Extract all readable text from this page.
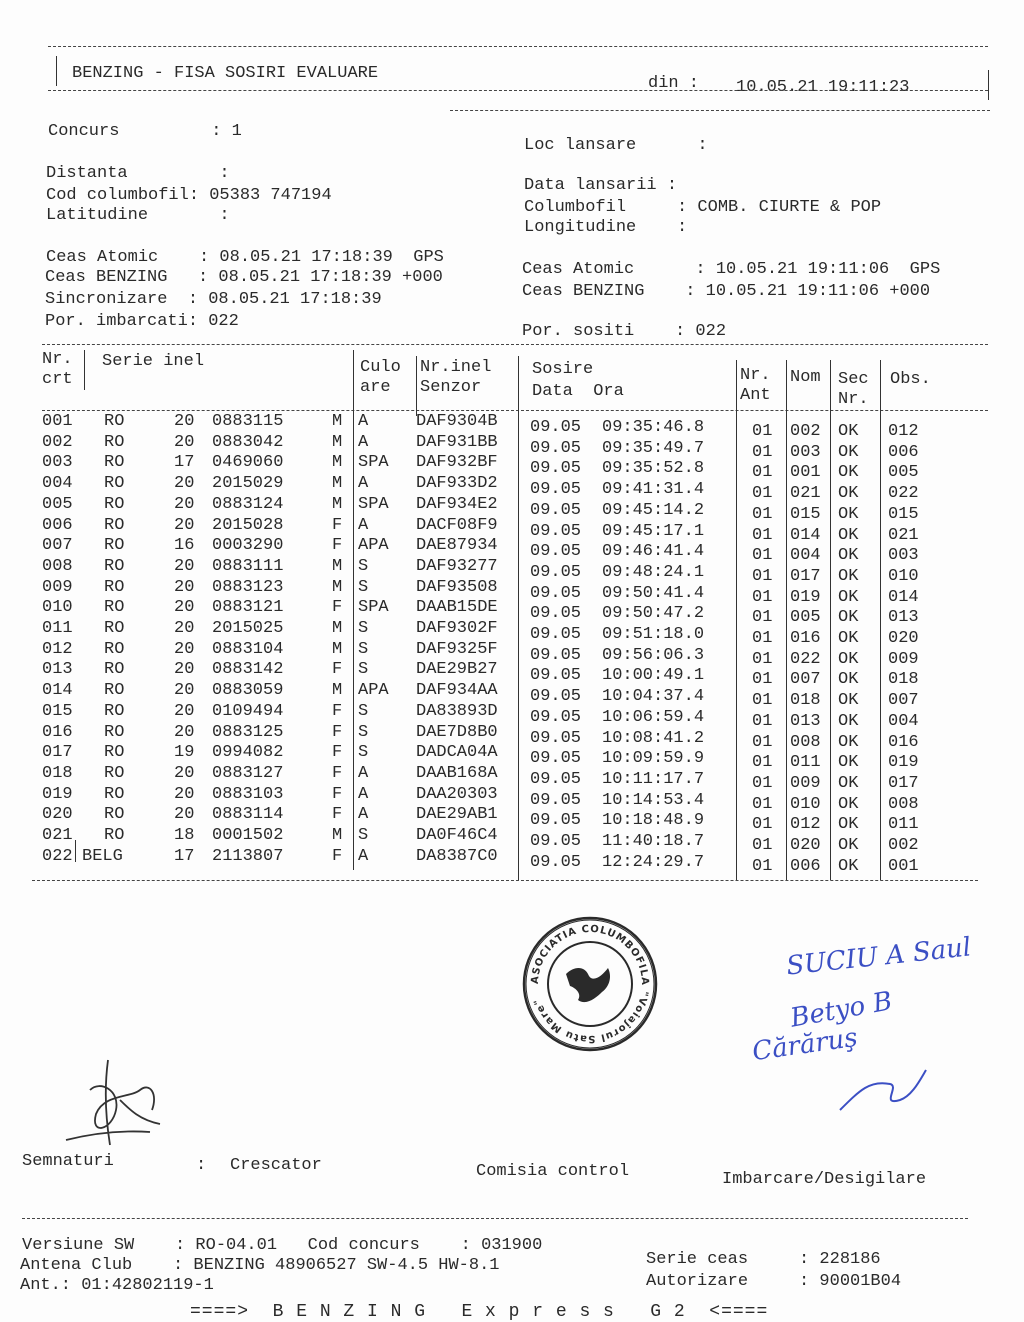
BENZING - FISA SOSIRI EVALUARE
din : 10.05.21 19:11:23
Concurs         : 1
Distanta         :
Cod columbofil: 05383 747194
Latitudine       :
Ceas Atomic    : 08.05.21 17:18:39  GPS
Ceas BENZING   : 08.05.21 17:18:39 +000
Sincronizare  : 08.05.21 17:18:39
Por. imbarcati: 022
Loc lansare      :
Data lansarii :
Columbofil     : COMB. CIURTE & POP
Longitudine    :
Ceas Atomic      : 10.05.21 19:11:06  GPS
Ceas BENZING    : 10.05.21 19:11:06 +000
Por. sositi    : 022
Nr.
crt
Serie inel	Culo
are
Nr.inel
Senzor
Sosire
Data  Ora
Nr.
Ant
Nom Sec
Nr.
Obs.
001 RO	20 0883115	M A	DAF9304B 09.05 09:35:46.8	01 002 OK 012
002 RO	20 0883042	M A	DAF931BB 09.05 09:35:49.7	01 003 OK 006
003 RO	17 0469060	M SPA DAF932BF 09.05 09:35:52.8	01 001 OK 005
004 RO	20 2015029	M A	DAF933D2 09.05 09:41:31.4	01 021 OK 022
005 RO	20 0883124	M SPA DAF934E2 09.05 09:45:14.2	01 015 OK 015
006 RO	20 2015028	F A	DACF08F9 09.05 09:45:17.1	01 014 OK 021
007 RO	16 0003290	F APA DAE87934 09.05 09:46:41.4	01 004 OK 003
008 RO	20 0883111	M S	DAF93277 09.05 09:48:24.1	01 017 OK 010
009 RO	20 0883123	M S	DAF93508 09.05 09:50:41.4	01 019 OK 014
010 RO	20 0883121	F SPA DAAB15DE 09.05 09:50:47.2	01 005 OK 013
011 RO	20 2015025	M S	DAF9302F 09.05 09:51:18.0	01 016 OK 020
012 RO	20 0883104	M S	DAF9325F 09.05 09:56:06.3	01 022 OK 009
013 RO	20 0883142	F S	DAE29B27 09.05 10:00:49.1	01 007 OK 018
014 RO	20 0883059	M APA DAF934AA 09.05 10:04:37.4	01 018 OK 007
015 RO	20 0109494	F S	DA83893D 09.05 10:06:59.4	01 013 OK 004
016 RO	20 0883125	F S	DAE7D8B0 09.05 10:08:41.2	01 008 OK 016
017 RO	19 0994082	F S	DADCA04A 09.05 10:09:59.9	01 011 OK 019
018 RO	20 0883127	F A	DAAB168A 09.05 10:11:17.7	01 009 OK 017
019 RO	20 0883103	F A	DAA20303 09.05 10:14:53.4	01 010 OK 008
020 RO	20 0883114	F A	DAE29AB1 09.05 10:18:48.9	01 012 OK 011
021 RO	18 0001502	M S	DA0F46C4 09.05 11:40:18.7	01 020 OK 002
022 BELG	17 2113807	F A	DA8387C0 09.05 12:24:29.7	01 006 OK 001
ASOCIATIA COLUMBOFILA "Voiajorul Satu Mare"
SUCIU A Saul
Betyo B
Cărăruş
Semnaturi	: Crescator	Comisia control	Imbarcare/Desigilare
Versiune SW    : RO-04.01   Cod concurs    : 031900
Antena Club    : BENZING 48906527 SW-4.5 HW-8.1
Ant.: 01:42802119-1
Serie ceas     : 228186
Autorizare     : 90001B04
====>  B E N Z I N G   E x p r e s s   G 2  <====
